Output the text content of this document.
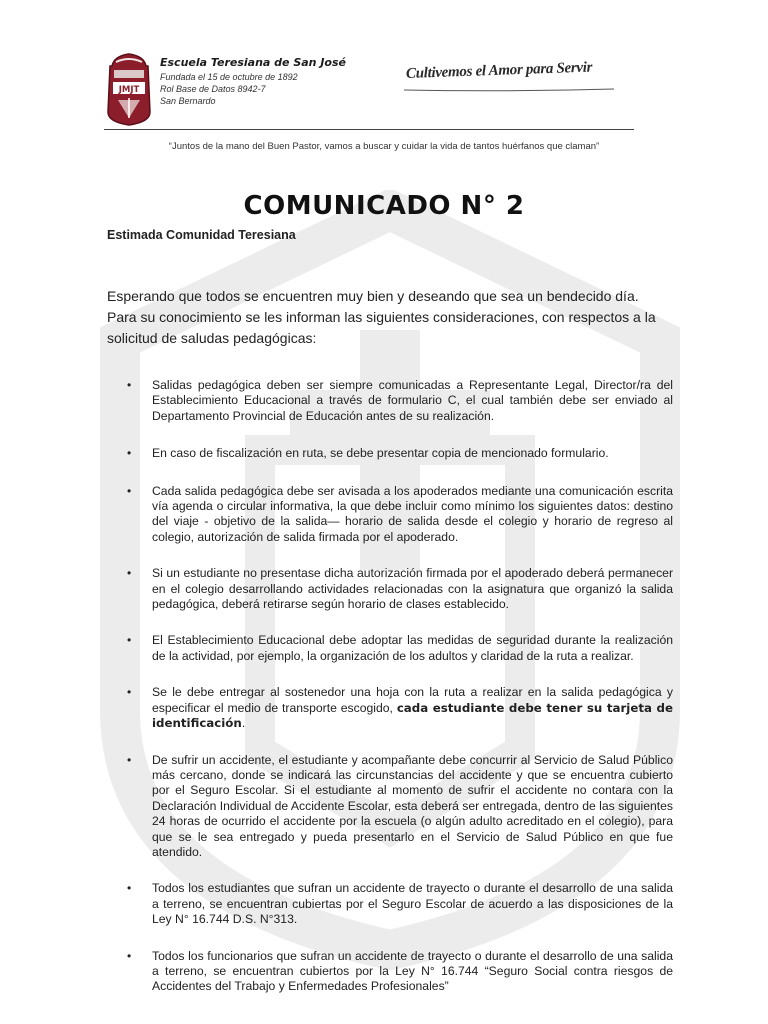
JMJT
Escuela Teresiana de San José
Fundada el 15 de octubre de 1892
Rol Base de Datos 8942-7
San Bernardo
Cultivemos el Amor para Servir
“Juntos de la mano del Buen Pastor, vamos a buscar y cuidar la vida de tantos huérfanos que claman”
COMUNICADO N° 2

Estimada Comunidad Teresiana

Esperando que todos se encuentren muy bien y deseando que sea un bendecido día. Para su conocimiento se les informan las siguientes consideraciones, con respectos a la solicitud de saludas pedagógicas:

• Salidas pedagógica deben ser siempre comunicadas a Representante Legal, Director/ra del Establecimiento Educacional a través de formulario C, el cual también debe ser enviado al Departamento Provincial de Educación antes de su realización.
• En caso de fiscalización en ruta, se debe presentar copia de mencionado formulario.
• Cada salida pedagógica debe ser avisada a los apoderados mediante una comunicación escrita vía agenda o circular informativa, la que debe incluir como mínimo los siguientes datos: destino del viaje - objetivo de la salida— horario de salida desde el colegio y horario de regreso al colegio, autorización de salida firmada por el apoderado.
• Si un estudiante no presentase dicha autorización firmada por el apoderado deberá permanecer en el colegio desarrollando actividades relacionadas con la asignatura que organizó la salida pedagógica, deberá retirarse según horario de clases establecido.
• El Establecimiento Educacional debe adoptar las medidas de seguridad durante la realización de la actividad, por ejemplo, la organización de los adultos y claridad de la ruta a realizar.
• Se le debe entregar al sostenedor una hoja con la ruta a realizar en la salida pedagógica y especificar el medio de transporte escogido, cada estudiante debe tener su tarjeta de identificación.
• De sufrir un accidente, el estudiante y acompañante debe concurrir al Servicio de Salud Público más cercano, donde se indicará las circunstancias del accidente y que se encuentra cubierto por el Seguro Escolar. Si el estudiante al momento de sufrir el accidente no contara con la Declaración Individual de Accidente Escolar, esta deberá ser entregada, dentro de las siguientes 24 horas de ocurrido el accidente por la escuela (o algún adulto acreditado en el colegio), para que se le sea entregado y pueda presentarlo en el Servicio de Salud Público en que fue atendido.
• Todos los estudiantes que sufran un accidente de trayecto o durante el desarrollo de una salida a terreno, se encuentran cubiertas por el Seguro Escolar de acuerdo a las disposiciones de la Ley N° 16.744 D.S. N°313.
• Todos los funcionarios que sufran un accidente de trayecto o durante el desarrollo de una salida a terreno, se encuentran cubiertos por la Ley N° 16.744 “Seguro Social contra riesgos de Accidentes del Trabajo y Enfermedades Profesionales”
